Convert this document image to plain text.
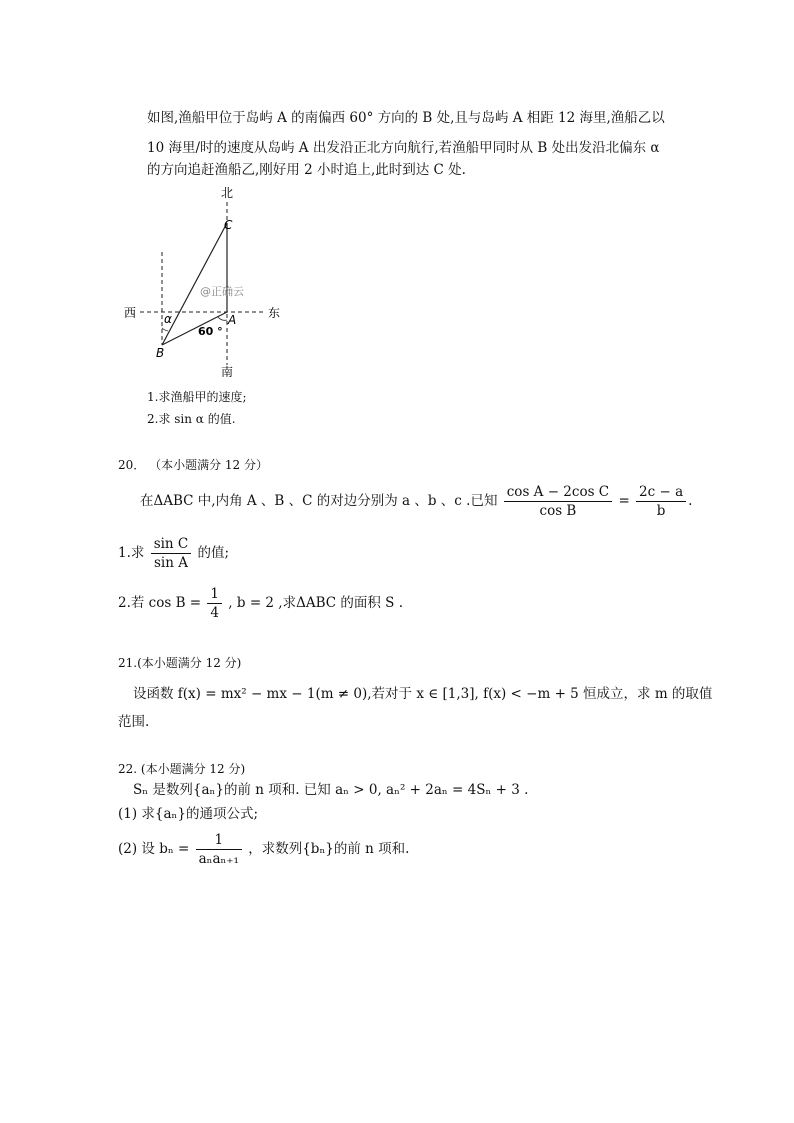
如图,渔船甲位于岛屿 A 的南偏西 60° 方向的 B 处,且与岛屿 A 相距 12 海里,渔船乙以
10 海里/时的速度从岛屿 A 出发沿正北方向航行,若渔船甲同时从 B 处出发沿北偏东 α
的方向追赶渔船乙,刚好用 2 小时追上,此时到达 C 处.
北
南
西	东
C
A
B
α
60 °
@正确云
1.求渔船甲的速度;
2.求 sin α 的值.
20． （本小题满分 12 分）
在ΔABC 中,内角 A 、B 、C 的对边分别为 a 、b 、c .已知 $\frac{\text{cos A − 2cos C}}{\text{cos B}} = \frac{2c - a}{b}$ .
1.求 $\frac{\text{sin C}}{\text{sin A}}$ 的值;
2.若 $\cos B = \frac{1}{4}$ , b = 2 ,求ΔABC 的面积 S .
21.(本小题满分 12 分)
设函数 f(x) = mx² − mx − 1(m ≠ 0),若对于 x ∈ [1,3], f(x) < −m + 5 恒成立，求 m 的取值
范围.
22. (本小题满分 12 分)
Sₙ 是数列{aₙ}的前 n 项和. 已知 aₙ > 0, aₙ² + 2aₙ = 4Sₙ + 3 .
(1) 求{aₙ}的通项公式;
(2) 设 $b_n = \frac{1}{\text{aₙaₙ₊₁}}$ ，求数列{bₙ}的前 n 项和.
